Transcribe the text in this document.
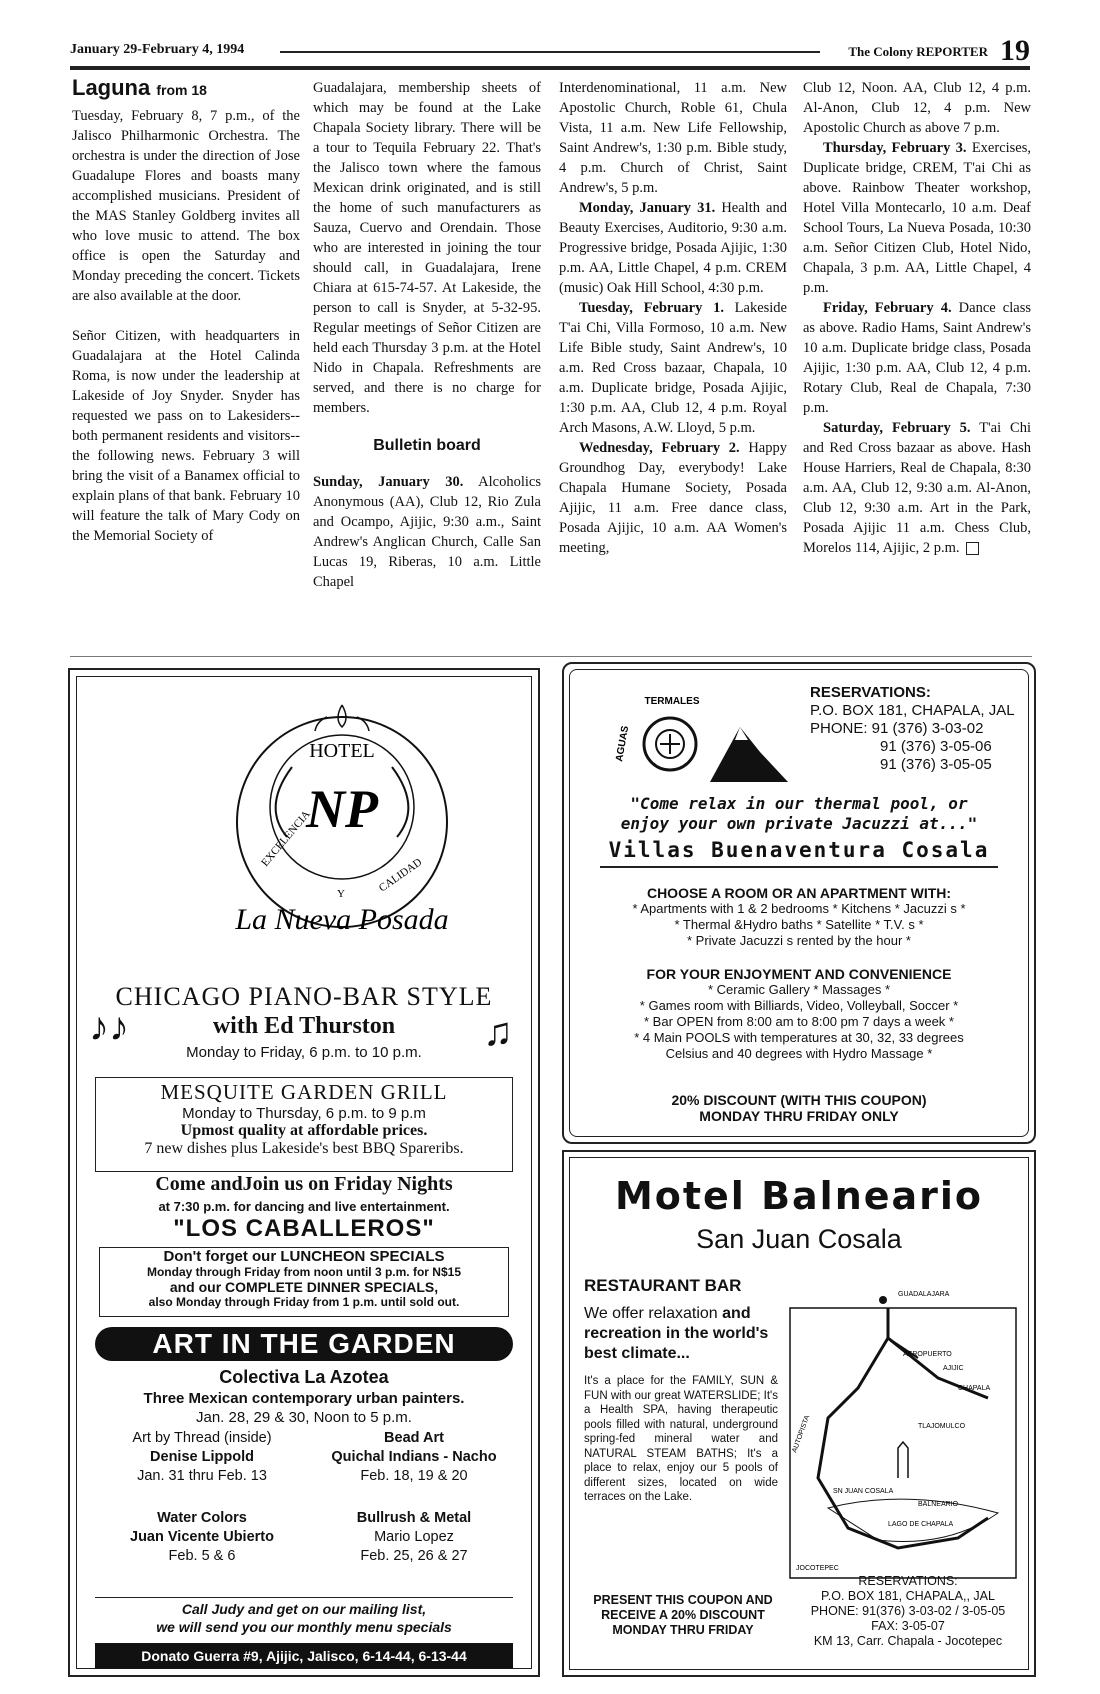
January 29-February 4, 1994	The Colony REPORTER 19
Laguna from 18

Tuesday, February 8, 7 p.m., of the Jalisco Philharmonic Orchestra. The orchestra is under the direction of Jose Guadalupe Flores and boasts many accomplished musicians. President of the MAS Stanley Goldberg invites all who love music to attend. The box office is open the Saturday and Monday preceding the concert. Tickets are also available at the door.

Señor Citizen, with headquarters in Guadalajara at the Hotel Calinda Roma, is now under the leadership at Lakeside of Joy Snyder. Snyder has requested we pass on to Lakesiders--both permanent residents and visitors--the following news. February 3 will bring the visit of a Banamex official to explain plans of that bank. February 10 will feature the talk of Mary Cody on the Memorial Society of

Guadalajara, membership sheets of which may be found at the Lake Chapala Society library. There will be a tour to Tequila February 22. That's the Jalisco town where the famous Mexican drink originated, and is still the home of such manufacturers as Sauza, Cuervo and Orendain. Those who are interested in joining the tour should call, in Guadalajara, Irene Chiara at 615-74-57. At Lakeside, the person to call is Snyder, at 5-32-95. Regular meetings of Señor Citizen are held each Thursday 3 p.m. at the Hotel Nido in Chapala. Refreshments are served, and there is no charge for members.

Bulletin board

Sunday, January 30. Alcoholics Anonymous (AA), Club 12, Rio Zula and Ocampo, Ajijic, 9:30 a.m., Saint Andrew's Anglican Church, Calle San Lucas 19, Riberas, 10 a.m. Little Chapel

Interdenominational, 11 a.m. New Apostolic Church, Roble 61, Chula Vista, 11 a.m. New Life Fellowship, Saint Andrew's, 1:30 p.m. Bible study, 4 p.m. Church of Christ, Saint Andrew's, 5 p.m.

Monday, January 31. Health and Beauty Exercises, Auditorio, 9:30 a.m. Progressive bridge, Posada Ajijic, 1:30 p.m. AA, Little Chapel, 4 p.m. CREM (music) Oak Hill School, 4:30 p.m.

Tuesday, February 1. Lakeside T'ai Chi, Villa Formoso, 10 a.m. New Life Bible study, Saint Andrew's, 10 a.m. Red Cross bazaar, Chapala, 10 a.m. Duplicate bridge, Posada Ajijic, 1:30 p.m. AA, Club 12, 4 p.m. Royal Arch Masons, A.W. Lloyd, 5 p.m.

Wednesday, February 2. Happy Groundhog Day, everybody! Lake Chapala Humane Society, Posada Ajijic, 11 a.m. Free dance class, Posada Ajijic, 10 a.m. AA Women's meeting,

Club 12, Noon. AA, Club 12, 4 p.m. Al-Anon, Club 12, 4 p.m. New Apostolic Church as above 7 p.m.

Thursday, February 3. Exercises, Duplicate bridge, CREM, T'ai Chi as above. Rainbow Theater workshop, Hotel Villa Montecarlo, 10 a.m. Deaf School Tours, La Nueva Posada, 10:30 a.m. Señor Citizen Club, Hotel Nido, Chapala, 3 p.m. AA, Little Chapel, 4 p.m.

Friday, February 4. Dance class as above. Radio Hams, Saint Andrew's 10 a.m. Duplicate bridge class, Posada Ajijic, 1:30 p.m. AA, Club 12, 4 p.m. Rotary Club, Real de Chapala, 7:30 p.m.

Saturday, February 5. T'ai Chi and Red Cross bazaar as above. Hash House Harriers, Real de Chapala, 8:30 a.m. AA, Club 12, 9:30 a.m. Al-Anon, Club 12, 9:30 a.m. Art in the Park, Posada Ajijic 11 a.m. Chess Club, Morelos 114, Ajijic, 2 p.m.

HOTEL
NP
EXCELENCIA
Y	CALIDAD
La Nueva Posada
CHICAGO PIANO-BAR STYLE
♪♪	with Ed Thurston	♫
Monday to Friday, 6 p.m. to 10 p.m.
MESQUITE GARDEN GRILL
Monday to Thursday, 6 p.m. to 9 p.m
Upmost quality at affordable prices.
7 new dishes plus Lakeside's best BBQ Spareribs.
Come andJoin us on Friday Nights
at 7:30 p.m. for dancing and live entertainment.
"LOS CABALLEROS"
Don't forget our LUNCHEON SPECIALS
Monday through Friday from noon until 3 p.m. for N$15
and our COMPLETE DINNER SPECIALS,
also Monday through Friday from 1 p.m. until sold out.
ART IN THE GARDEN
Colectiva La Azotea
Three Mexican contemporary urban painters.
Jan. 28, 29 & 30, Noon to 5 p.m.
Art by Thread (inside)
Denise Lippold
Jan. 31 thru Feb. 13
Bead Art
Quichal Indians - Nacho
Feb. 18, 19 & 20
Water Colors
Juan Vicente Ubierto
Feb. 5 & 6
Bullrush & Metal
Mario Lopez
Feb. 25, 26 & 27
Call Judy and get on our mailing list,
we will send you our monthly menu specials
Donato Guerra #9, Ajijic, Jalisco, 6-14-44, 6-13-44
TERMALES
AGUAS
RESERVATIONS:
P.O. BOX 181, CHAPALA, JAL
PHONE: 91 (376) 3-03-02
91 (376) 3-05-06
91 (376) 3-05-05
"Come relax in our thermal pool, or
enjoy your own private Jacuzzi at..."
Villas Buenaventura Cosala
CHOOSE A ROOM OR AN APARTMENT WITH:
* Apartments with 1 & 2 bedrooms * Kitchens * Jacuzzi s *
* Thermal &Hydro baths * Satellite * T.V. s *
* Private Jacuzzi s rented by the hour *
FOR YOUR ENJOYMENT AND CONVENIENCE
* Ceramic Gallery * Massages *
* Games room with Billiards, Video, Volleyball, Soccer *
* Bar OPEN from 8:00 am to 8:00 pm 7 days a week *
* 4 Main POOLS with temperatures at 30, 32, 33 degrees
Celsius and 40 degrees with Hydro Massage *
20% DISCOUNT (WITH THIS COUPON)
MONDAY THRU FRIDAY ONLY
Motel Balneario
San Juan Cosala
RESTAURANT BAR
We offer relaxation and recreation in the world's best climate...
It's a place for the FAMILY, SUN & FUN with our great WATERSLIDE; It's a Health SPA, having therapeutic pools filled with natural, underground spring-fed mineral water and NATURAL STEAM BATHS; It's a place to relax, enjoy our 5 pools of different sizes, located on wide terraces on the Lake.
GUADALAJARA
AEROPUERTO
AJIJIC
CHAPALA
TLAJOMULCO
AUTOPISTA
SN JUAN COSALA
BALNEARIO
LAGO DE CHAPALA
JOCOTEPEC
PRESENT THIS COUPON AND RECEIVE A 20% DISCOUNT MONDAY THRU FRIDAY
RESERVATIONS:
P.O. BOX 181, CHAPALA,, JAL
PHONE: 91(376) 3-03-02 / 3-05-05
FAX: 3-05-07
KM 13, Carr. Chapala - Jocotepec
